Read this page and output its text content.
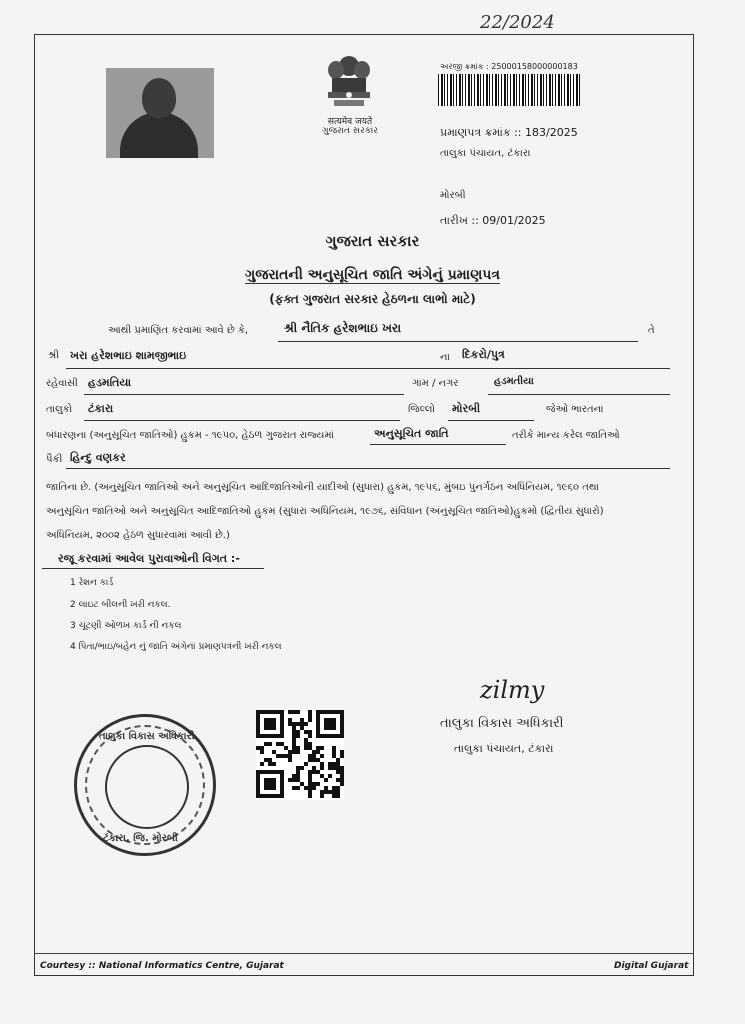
22/2024
सत्यमेव जयते
ગુજરાત સરકાર
અરજી ક્રમાંક : 25000158000000183
પ્રમાણપત્ર ક્રમાંક :: 183/2025
તાલુકા પંચાયત, ટંકારા
મોરબી
તારીખ :: 09/01/2025
ગુજરાત સરકાર
ગુજરાતની અનુસૂચિત જાતિ અંગેનું પ્રમાણપત્ર
(ફક્ત ગુજરાત સરકાર હેઠળના લાભો માટે)
આથી પ્રમાણિત કરવામાં આવે છે કે,	શ્રી નૈતિક હરેશભાઇ ખરા	તે
શ્રી ખરા હરેશભાઇ શામજીભાઇ	ના દિકરો/પુત્ર
રહેવાસી હડમતિયા	ગામ / નગર	હડમતીયા
તાલુકો ટંકારા	જિલ્લો મોરબી	જેઓ ભારતના
બંધારણના (અનુસૂચિત જાતિઓ) હુકમ - ૧૯૫૦, હેઠળ ગુજરાત રાજ્યમાં	અનુસૂચિત જાતિ	તરીકે માન્ય કરેલ જાતિઓ
પૈકી હિન્દુ વણકર
જાતિના છે. (અનુસૂચિત જાતિઓ અને અનુસૂચિત આદિજાતિઓની યાદીઓ (સુધારા) હુકમ, ૧૯૫૬, મુંબઇ પુનર્ગઠન અધિનિયમ, ૧૯૬૦ તથા
અનુસૂચિત જાતિઓ અને અનુસૂચિત આદિજાતિઓ હુકમ (સુધારા અધિનિયમ, ૧૯૭૬, સંવિધાન (અનુસૂચિત જાતિઓ)હુકમો (દ્વિતીય સુધારો)
અધિનિયમ, ૨૦૦૨ હેઠળ સુધારવામાં આવી છે.)
રજૂ કરવામાં આવેલ પુરાવાઓની વિગત :-
1 રેશન કાર્ડ
2 લાઇટ બીલની ખરી નકલ.
3 ચૂંટણી ઓળખ કાર્ડ ની નકલ
4 પિતા/ભાઇ/બહેન નું જાતિ અંગેનાં પ્રમાણપત્રની ખરી નકલ
zilmy
તાલુકા વિકાસ અધિકારી
તાલુકા પંચાયત, ટંકારા
તાલુકા વિકાસ અધિકારી
ટંકારા, જિ. મોરબી
Courtesy :: National Informatics Centre, Gujarat	Digital Gujarat
